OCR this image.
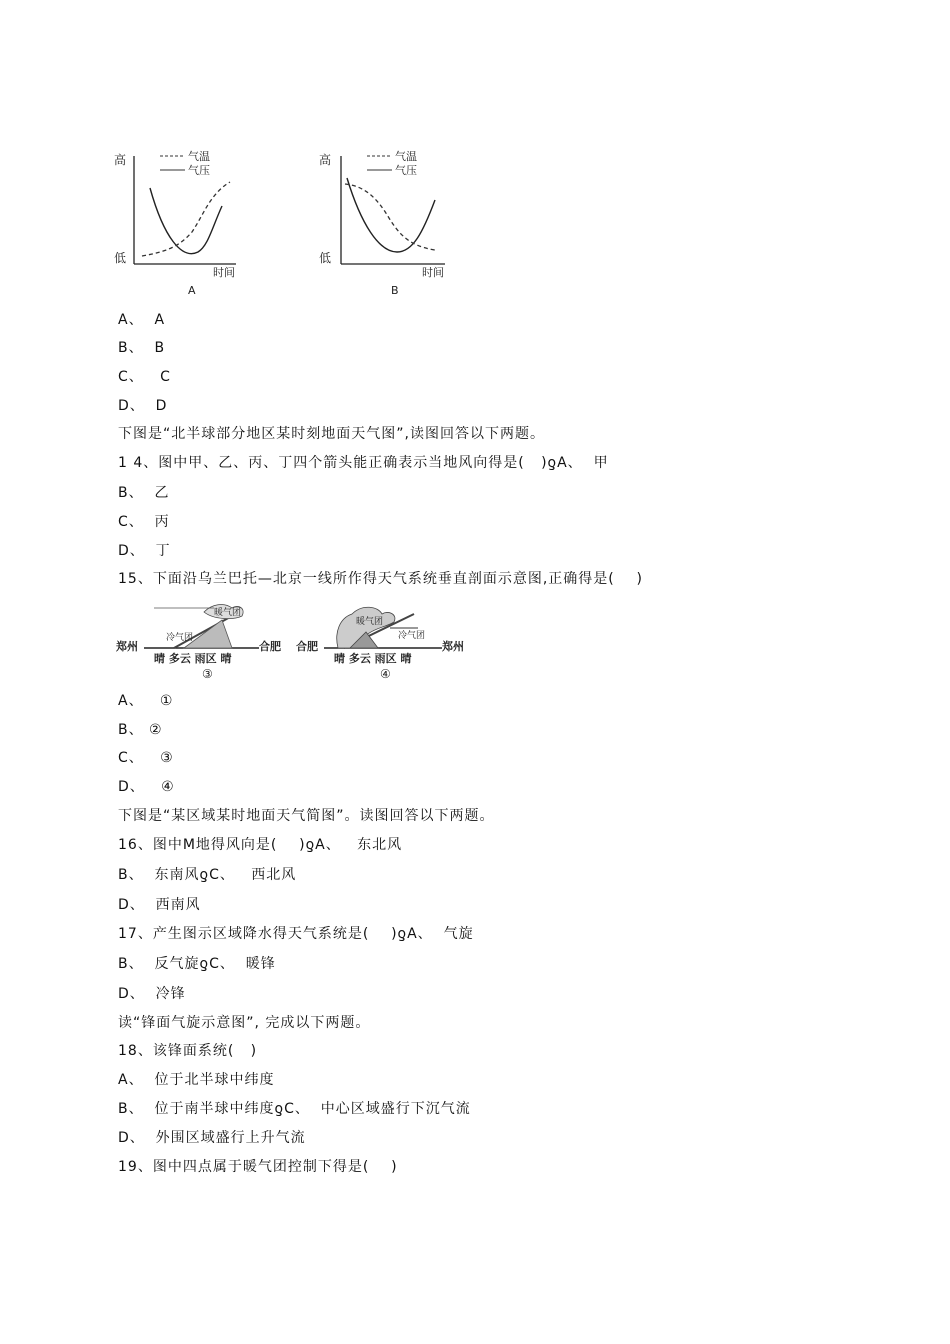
高
低
时间
气温
气压
A
高
低
时间
气温
气压
B
A、  A
B、  B
C、   C
D、  D
下图是“北半球部分地区某时刻地面天气图”,读图回答以下两题。
1 4、图中甲、乙、丙、丁四个箭头能正确表示当地风向得是(   )ƍA、  甲
B、  乙
C、  丙
D、  丁
15、下面沿乌兰巴托—北京一线所作得天气系统垂直剖面示意图,正确得是(    )
郑州	合肥
暖气团
冷气团
晴 多云 雨区 晴
③
合肥	郑州
暖气团
冷气团
晴 多云 雨区 晴
④
A、   ①
B、 ②
C、   ③
D、   ④
下图是“某区域某时地面天气简图”。读图回答以下两题。
16、图中M地得风向是(    )ƍA、   东北风
B、  东南风ƍC、   西北风
D、  西南风
17、产生图示区域降水得天气系统是(    )ƍA、  气旋
B、  反气旋ƍC、  暖锋
D、  冷锋
读“锋面气旋示意图”, 完成以下两题。
18、该锋面系统(   )
A、  位于北半球中纬度
B、  位于南半球中纬度ƍC、  中心区域盛行下沉气流
D、  外围区域盛行上升气流
19、图中四点属于暖气团控制下得是(    )
